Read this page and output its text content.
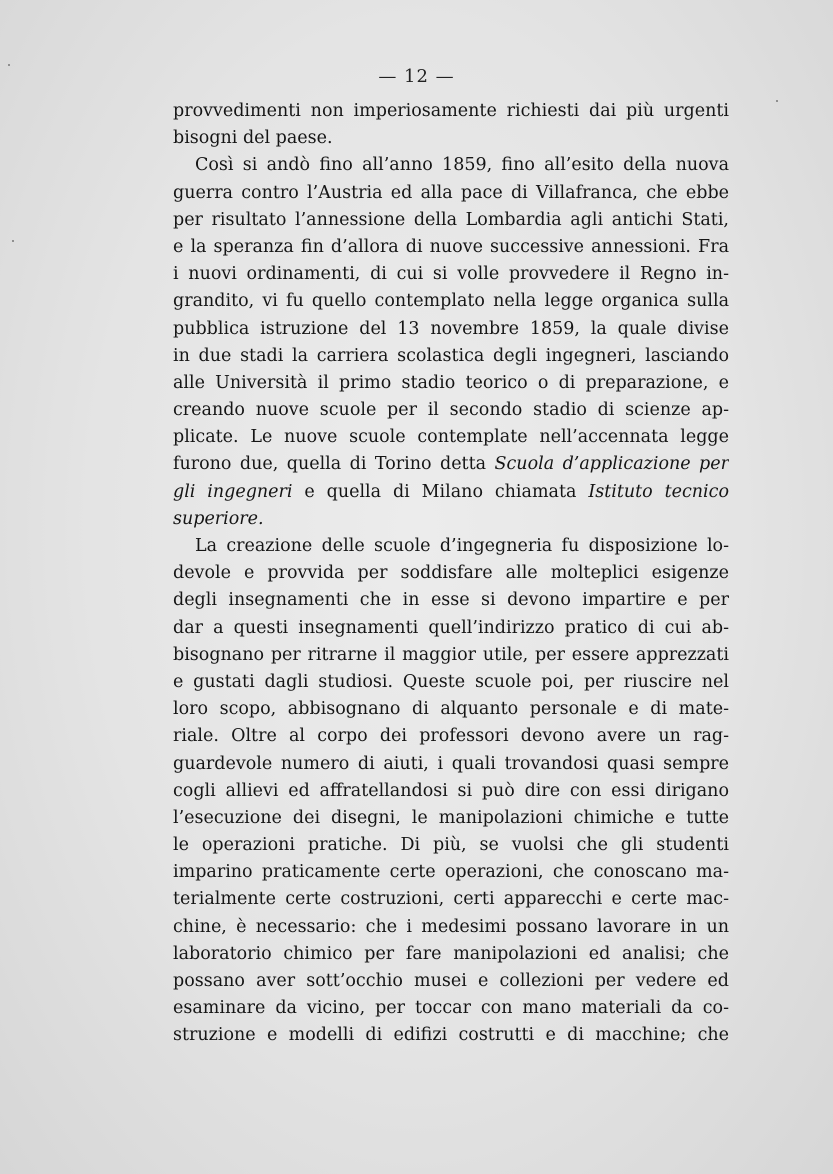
— 12 —
provvedimenti non imperiosamente richiesti dai più urgenti
bisogni del paese.
Così si andò fino all’anno 1859, fino all’esito della nuova
guerra contro l’Austria ed alla pace di Villafranca, che ebbe
per risultato l’annessione della Lombardia agli antichi Stati,
e la speranza fin d’allora di nuove successive annessioni. Fra
i nuovi ordinamenti, di cui si volle provvedere il Regno in-
grandito, vi fu quello contemplato nella legge organica sulla
pubblica istruzione del 13 novembre 1859, la quale divise
in due stadi la carriera scolastica degli ingegneri, lasciando
alle Università il primo stadio teorico o di preparazione, e
creando nuove scuole per il secondo stadio di scienze ap-
plicate. Le nuove scuole contemplate nell’accennata legge
furono due, quella di Torino detta Scuola d’applicazione per
gli ingegneri e quella di Milano chiamata Istituto tecnico
superiore.
La creazione delle scuole d’ingegneria fu disposizione lo-
devole e provvida per soddisfare alle molteplici esigenze
degli insegnamenti che in esse si devono impartire e per
dar a questi insegnamenti quell’indirizzo pratico di cui ab-
bisognano per ritrarne il maggior utile, per essere apprezzati
e gustati dagli studiosi. Queste scuole poi, per riuscire nel
loro scopo, abbisognano di alquanto personale e di mate-
riale. Oltre al corpo dei professori devono avere un rag-
guardevole numero di aiuti, i quali trovandosi quasi sempre
cogli allievi ed affratellandosi si può dire con essi dirigano
l’esecuzione dei disegni, le manipolazioni chimiche e tutte
le operazioni pratiche. Di più, se vuolsi che gli studenti
imparino praticamente certe operazioni, che conoscano ma-
terialmente certe costruzioni, certi apparecchi e certe mac-
chine, è necessario: che i medesimi possano lavorare in un
laboratorio chimico per fare manipolazioni ed analisi; che
possano aver sott’occhio musei e collezioni per vedere ed
esaminare da vicino, per toccar con mano materiali da co-
struzione e modelli di edifizi costrutti e di macchine; che
